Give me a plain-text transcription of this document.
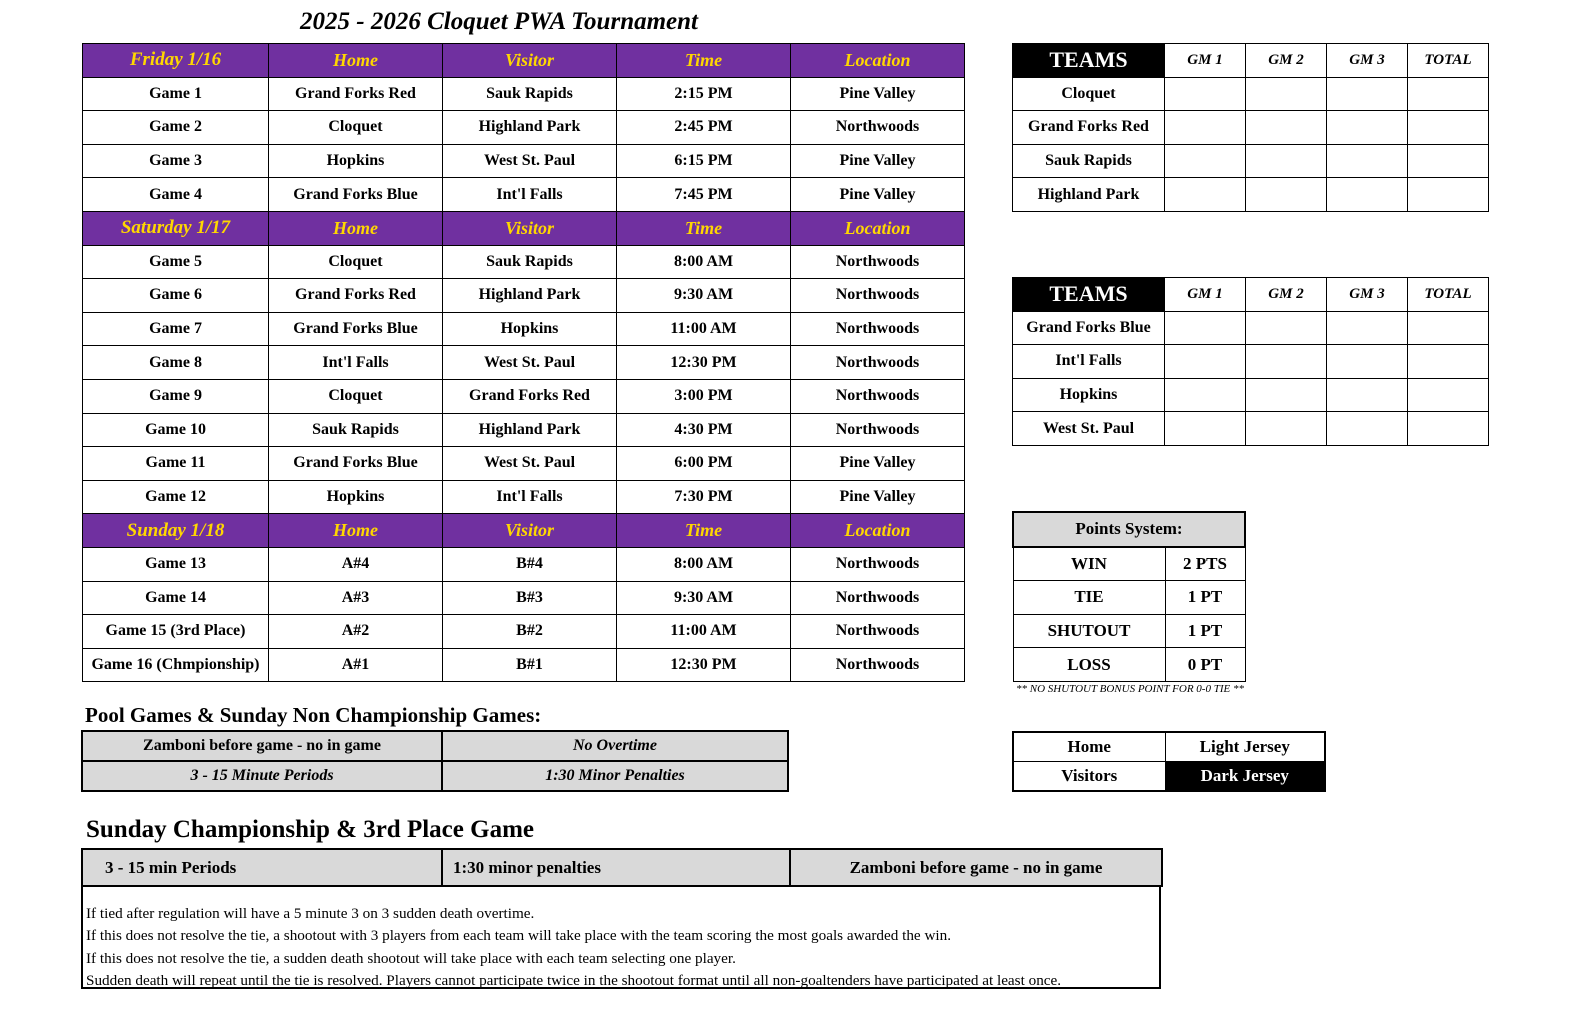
2025 - 2026 Cloquet PWA Tournament
Friday 1/16	Home	Visitor	Time	Location
Game 1	Grand Forks Red	Sauk Rapids	2:15 PM	Pine Valley
Game 2	Cloquet	Highland Park	2:45 PM	Northwoods
Game 3	Hopkins	West St. Paul	6:15 PM	Pine Valley
Game 4	Grand Forks Blue	Int'l Falls	7:45 PM	Pine Valley
Saturday 1/17	Home	Visitor	Time	Location
Game 5	Cloquet	Sauk Rapids	8:00 AM	Northwoods
Game 6	Grand Forks Red	Highland Park	9:30 AM	Northwoods
Game 7	Grand Forks Blue	Hopkins	11:00 AM	Northwoods
Game 8	Int'l Falls	West St. Paul	12:30 PM	Northwoods
Game 9	Cloquet	Grand Forks Red	3:00 PM	Northwoods
Game 10	Sauk Rapids	Highland Park	4:30 PM	Northwoods
Game 11	Grand Forks Blue	West St. Paul	6:00 PM	Pine Valley
Game 12	Hopkins	Int'l Falls	7:30 PM	Pine Valley
Sunday 1/18	Home	Visitor	Time	Location
Game 13	A#4	B#4	8:00 AM	Northwoods
Game 14	A#3	B#3	9:30 AM	Northwoods
Game 15 (3rd Place)	A#2	B#2	11:00 AM	Northwoods
Game 16 (Chmpionship)	A#1	B#1	12:30 PM	Northwoods
TEAMS	GM 1	GM 2	GM 3	TOTAL
Cloquet				
Grand Forks Red				
Sauk Rapids				
Highland Park				
TEAMS	GM 1	GM 2	GM 3	TOTAL
Grand Forks Blue				
Int'l Falls				
Hopkins				
West St. Paul				
Points System:	
WIN	2 PTS
TIE	1 PT
SHUTOUT	1 PT
LOSS	0 PT
** NO SHUTOUT BONUS POINT FOR 0-0 TIE **
Home	Light Jersey
Visitors	Dark Jersey
Pool Games & Sunday Non Championship Games:
Zamboni before game - no in game	No Overtime
3 - 15 Minute Periods	1:30 Minor Penalties
Sunday Championship & 3rd Place Game
3 - 15 min Periods	1:30 minor penalties	Zamboni before game - no in game
If tied after regulation will have a 5 minute 3 on 3 sudden death overtime.
If this does not resolve the tie, a shootout with 3 players from each team will take place with the team scoring the most goals awarded the win.
If this does not resolve the tie, a sudden death shootout will take place with each team selecting one player.
Sudden death will repeat until the tie is resolved. Players cannot participate twice in the shootout format until all non-goaltenders have participated at least once.
